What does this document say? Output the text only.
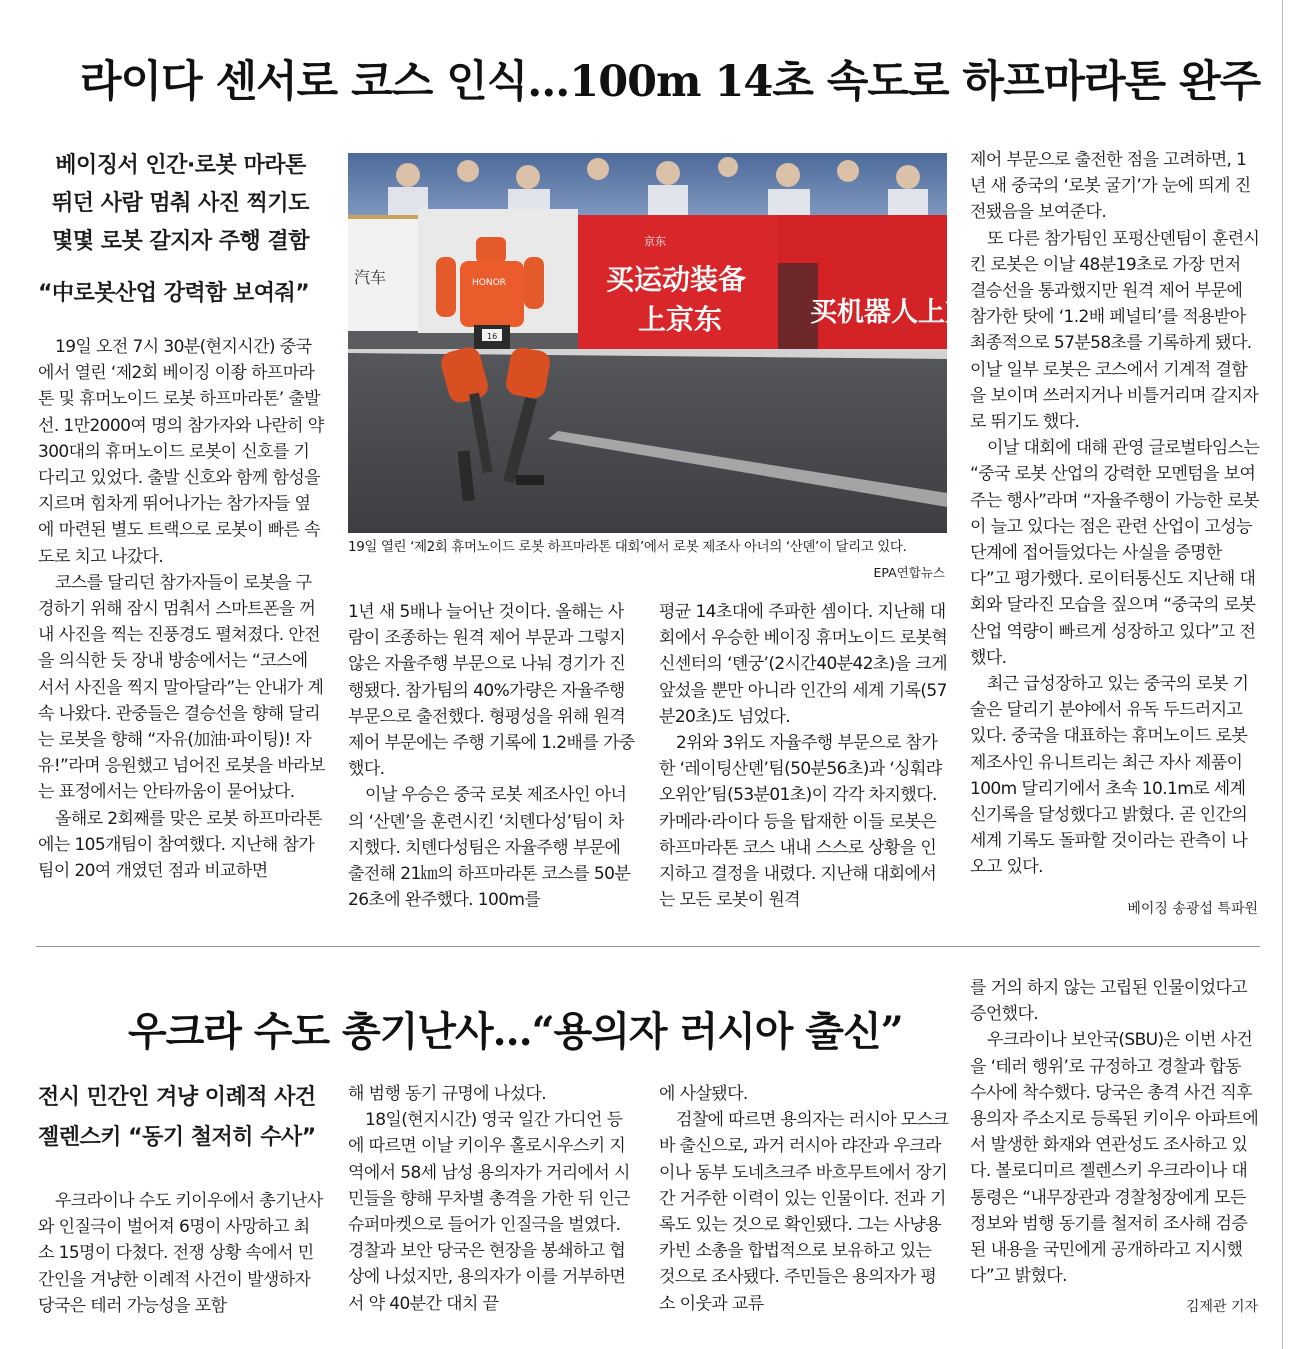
라이다 센서로 코스 인식…100m 14초 속도로 하프마라톤 완주
베이징서 인간·로봇 마라톤
뛰던 사람 멈춰 사진 찍기도
몇몇 로봇 갈지자 주행 결함
“中로봇산업 강력함 보여줘”

19일 오전 7시 30분(현지시간) 중국에서 열린 ‘제2회 베이징 이좡 하프마라톤 및 휴머노이드 로봇 하프마라톤’ 출발선. 1만2000여 명의 참가자와 나란히 약 300대의 휴머노이드 로봇이 신호를 기다리고 있었다. 출발 신호와 함께 함성을 지르며 힘차게 뛰어나가는 참가자들 옆에 마련된 별도 트랙으로 로봇이 빠른 속도로 치고 나갔다.

코스를 달리던 참가자들이 로봇을 구경하기 위해 잠시 멈춰서 스마트폰을 꺼내 사진을 찍는 진풍경도 펼쳐졌다. 안전을 의식한 듯 장내 방송에서는 “코스에 서서 사진을 찍지 말아달라”는 안내가 계속 나왔다. 관중들은 결승선을 향해 달리는 로봇을 향해 “자유(加油·파이팅)! 자유!”라며 응원했고 넘어진 로봇을 바라보는 표정에서는 안타까움이 묻어났다.

올해로 2회째를 맞은 로봇 하프마라톤에는 105개팀이 참여했다. 지난해 참가팀이 20여 개였던 점과 비교하면

汽车
京东
买运动装备
上京东	买机器人上京
HONOR
16
19일 열린 ‘제2회 휴머노이드 로봇 하프마라톤 대회’에서 로봇 제조사 아너의 ‘산뎬’이 달리고 있다.
EPA연합뉴스

1년 새 5배나 늘어난 것이다. 올해는 사람이 조종하는 원격 제어 부문과 그렇지 않은 자율주행 부문으로 나눠 경기가 진행됐다. 참가팀의 40%가량은 자율주행 부문으로 출전했다. 형평성을 위해 원격 제어 부문에는 주행 기록에 1.2배를 가중했다.

이날 우승은 중국 로봇 제조사인 아너의 ‘산뎬’을 훈련시킨 ‘치톈다성’팀이 차지했다. 치톈다성팀은 자율주행 부문에 출전해 21㎞의 하프마라톤 코스를 50분26초에 완주했다. 100m를

평균 14초대에 주파한 셈이다. 지난해 대회에서 우승한 베이징 휴머노이드 로봇혁신센터의 ‘톈궁’(2시간40분42초)을 크게 앞섰을 뿐만 아니라 인간의 세계 기록(57분20초)도 넘었다.

2위와 3위도 자율주행 부문으로 참가한 ‘레이팅산뎬’팀(50분56초)과 ‘싱훠랴오위안’팀(53분01초)이 각각 차지했다. 카메라·라이다 등을 탑재한 이들 로봇은 하프마라톤 코스 내내 스스로 상황을 인지하고 결정을 내렸다. 지난해 대회에서는 모든 로봇이 원격

제어 부문으로 출전한 점을 고려하면, 1년 새 중국의 ‘로봇 굴기’가 눈에 띄게 진전됐음을 보여준다.

또 다른 참가팀인 포펑산뎬팀이 훈련시킨 로봇은 이날 48분19초로 가장 먼저 결승선을 통과했지만 원격 제어 부문에 참가한 탓에 ‘1.2배 페널티’를 적용받아 최종적으로 57분58초를 기록하게 됐다. 이날 일부 로봇은 코스에서 기계적 결함을 보이며 쓰러지거나 비틀거리며 갈지자로 뛰기도 했다.

이날 대회에 대해 관영 글로벌타임스는 “중국 로봇 산업의 강력한 모멘텀을 보여주는 행사”라며 “자율주행이 가능한 로봇이 늘고 있다는 점은 관련 산업이 고성능 단계에 접어들었다는 사실을 증명한다”고 평가했다. 로이터통신도 지난해 대회와 달라진 모습을 짚으며 “중국의 로봇 산업 역량이 빠르게 성장하고 있다”고 전했다.

최근 급성장하고 있는 중국의 로봇 기술은 달리기 분야에서 유독 두드러지고 있다. 중국을 대표하는 휴머노이드 로봇 제조사인 유니트리는 최근 자사 제품이 100m 달리기에서 초속 10.1m로 세계 신기록을 달성했다고 밝혔다. 곧 인간의 세계 기록도 돌파할 것이라는 관측이 나오고 있다.

베이징 송광섭 특파원
우크라 수도 총기난사…“용의자 러시아 출신”
전시 민간인 겨냥 이례적 사건
젤렌스키 “동기 철저히 수사”

우크라이나 수도 키이우에서 총기난사와 인질극이 벌어져 6명이 사망하고 최소 15명이 다쳤다. 전쟁 상황 속에서 민간인을 겨냥한 이례적 사건이 발생하자 당국은 테러 가능성을 포함

해 범행 동기 규명에 나섰다.

18일(현지시간) 영국 일간 가디언 등에 따르면 이날 키이우 홀로시우스키 지역에서 58세 남성 용의자가 거리에서 시민들을 향해 무차별 총격을 가한 뒤 인근 슈퍼마켓으로 들어가 인질극을 벌였다. 경찰과 보안 당국은 현장을 봉쇄하고 협상에 나섰지만, 용의자가 이를 거부하면서 약 40분간 대치 끝

에 사살됐다.

검찰에 따르면 용의자는 러시아 모스크바 출신으로, 과거 러시아 랴잔과 우크라이나 동부 도네츠크주 바흐무트에서 장기간 거주한 이력이 있는 인물이다. 전과 기록도 있는 것으로 확인됐다. 그는 사냥용 카빈 소총을 합법적으로 보유하고 있는 것으로 조사됐다. 주민들은 용의자가 평소 이웃과 교류

를 거의 하지 않는 고립된 인물이었다고 증언했다.

우크라이나 보안국(SBU)은 이번 사건을 ‘테러 행위’로 규정하고 경찰과 합동 수사에 착수했다. 당국은 총격 사건 직후 용의자 주소지로 등록된 키이우 아파트에서 발생한 화재와 연관성도 조사하고 있다. 볼로디미르 젤렌스키 우크라이나 대통령은 “내무장관과 경찰청장에게 모든 정보와 범행 동기를 철저히 조사해 검증된 내용을 국민에게 공개하라고 지시했다”고 밝혔다.

김제관 기자
